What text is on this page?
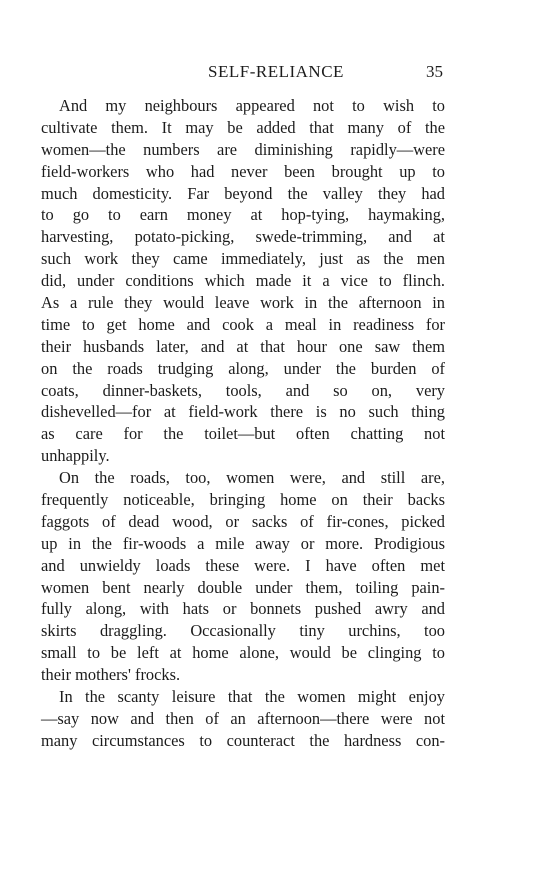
SELF-RELIANCE	35
And my neighbours appeared not to wish to
cultivate them. It may be added that many of the
women—the numbers are diminishing rapidly—were
field-workers who had never been brought up to
much domesticity. Far beyond the valley they had
to go to earn money at hop-tying, haymaking,
harvesting, potato-picking, swede-trimming, and at
such work they came immediately, just as the men
did, under conditions which made it a vice to flinch.
As a rule they would leave work in the afternoon in
time to get home and cook a meal in readiness for
their husbands later, and at that hour one saw them
on the roads trudging along, under the burden of
coats, dinner-baskets, tools, and so on, very
dishevelled—for at field-work there is no such thing
as care for the toilet—but often chatting not
unhappily.
On the roads, too, women were, and still are,
frequently noticeable, bringing home on their backs
faggots of dead wood, or sacks of fir-cones, picked
up in the fir-woods a mile away or more. Prodigious
and unwieldy loads these were. I have often met
women bent nearly double under them, toiling pain-
fully along, with hats or bonnets pushed awry and
skirts draggling. Occasionally tiny urchins, too
small to be left at home alone, would be clinging to
their mothers' frocks.
In the scanty leisure that the women might enjoy
—say now and then of an afternoon—there were not
many circumstances to counteract the hardness con-
